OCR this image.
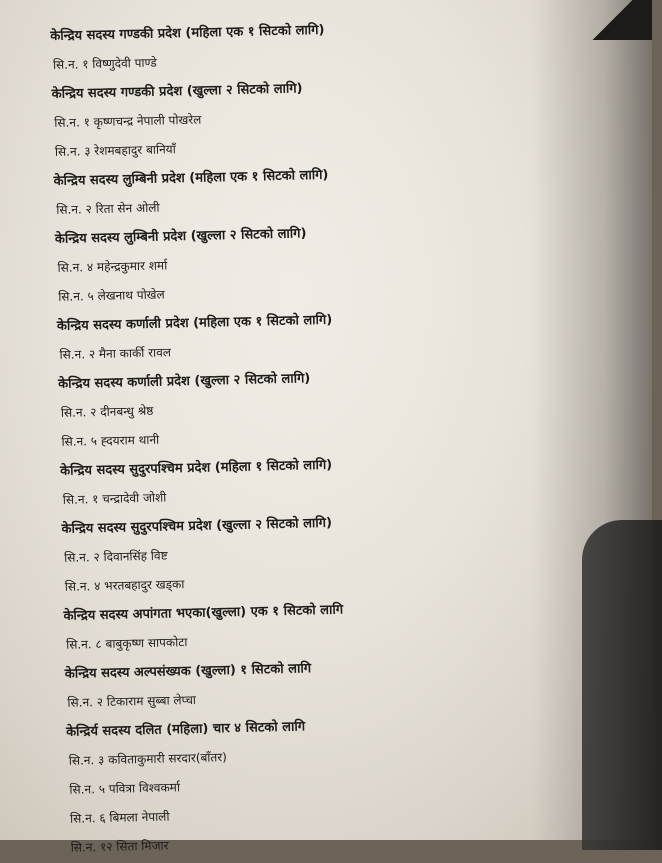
केन्द्रिय सदस्य गण्डकी प्रदेश (महिला एक १ सिटको लागि)
सि.न. १ विष्णुदेवी पाण्डे
केन्द्रिय सदस्य गण्डकी प्रदेश (खुल्ला २ सिटको लागि)
सि.न. १ कृष्णचन्द्र नेपाली पोखरेल
सि.न. ३ रेशमबहादुर बानियाँ
केन्द्रिय सदस्य लुम्बिनी प्रदेश (महिला एक १ सिटको लागि)
सि.न. २ रिता सेन ओली
केन्द्रिय सदस्य लुम्बिनी प्रदेश (खुल्ला २ सिटको लागि)
सि.न. ४ महेन्द्रकुमार शर्मा
सि.न. ५ लेखनाथ पोखेल
केन्द्रिय सदस्य कर्णाली प्रदेश (महिला एक १ सिटको लागि)
सि.न. २ मैना कार्की रावल
केन्द्रिय सदस्य कर्णाली प्रदेश (खुल्ला २ सिटको लागि)
सि.न. २ दीनबन्धु श्रेष्ठ
सि.न. ५ ह्दयराम थानी
केन्द्रिय सदस्य सुदुरपश्चिम प्रदेश (महिला १ सिटको लागि)
सि.न. १ चन्द्रादेवी जोशी
केन्द्रिय सदस्य सुदुरपश्चिम प्रदेश (खुल्ला २ सिटको लागि)
सि.न. २ दिवानसिंह विष्ट
सि.न. ४ भरतबहादुर खड्का
केन्द्रिय सदस्य अपांगता भएका(खुल्ला) एक १ सिटको लागि
सि.न. ८ बाबुकृष्ण सापकोटा
केन्द्रिय सदस्य अल्पसंख्यक (खुल्ला) १ सिटको लागि
सि.न. २ टिकाराम सुब्बा लेप्चा
केन्द्रिर्य सदस्य दलित (महिला) चार ४ सिटको लागि
सि.न. ३ कविताकुमारी सरदार(बाँतर)
सि.न. ५ पवित्रा विश्वकर्मा
सि.न. ६ बिमला नेपाली
सि.न. १२ सिता मिजार
